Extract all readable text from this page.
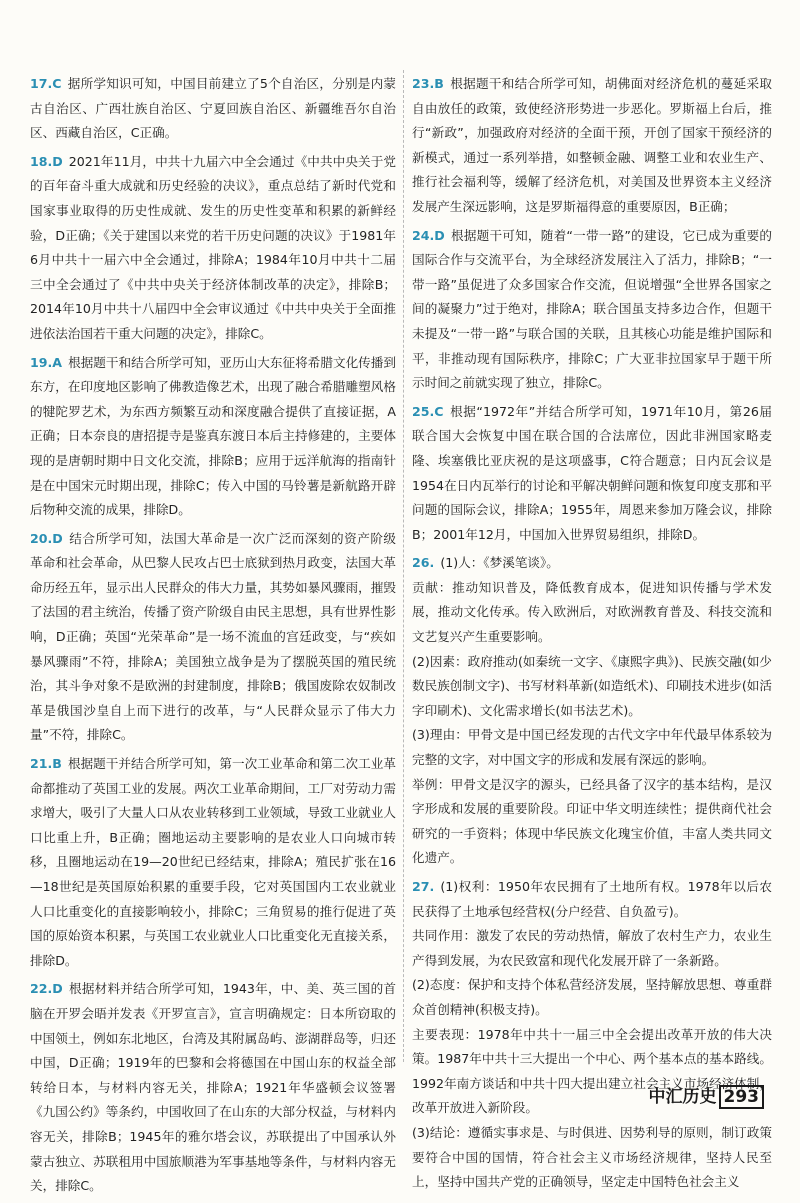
17.C 据所学知识可知，中国目前建立了5个自治区，分别是内蒙古自治区、广西壮族自治区、宁夏回族自治区、新疆维吾尔自治区、西藏自治区，C正确。

18.D 2021年11月，中共十九届六中全会通过《中共中央关于党的百年奋斗重大成就和历史经验的决议》，重点总结了新时代党和国家事业取得的历史性成就、发生的历史性变革和积累的新鲜经验，D正确；《关于建国以来党的若干历史问题的决议》于1981年6月中共十一届六中全会通过，排除A；1984年10月中共十二届三中全会通过了《中共中央关于经济体制改革的决定》，排除B；2014年10月中共十八届四中全会审议通过《中共中央关于全面推进依法治国若干重大问题的决定》，排除C。

19.A 根据题干和结合所学可知，亚历山大东征将希腊文化传播到东方，在印度地区影响了佛教造像艺术，出现了融合希腊雕塑风格的犍陀罗艺术，为东西方频繁互动和深度融合提供了直接证据，A正确；日本奈良的唐招提寺是鉴真东渡日本后主持修建的，主要体现的是唐朝时期中日文化交流，排除B；应用于远洋航海的指南针是在中国宋元时期出现，排除C；传入中国的马铃薯是新航路开辟后物种交流的成果，排除D。

20.D 结合所学可知，法国大革命是一次广泛而深刻的资产阶级革命和社会革命，从巴黎人民攻占巴士底狱到热月政变，法国大革命历经五年，显示出人民群众的伟大力量，其势如暴风骤雨，摧毁了法国的君主统治，传播了资产阶级自由民主思想，具有世界性影响，D正确；英国“光荣革命”是一场不流血的宫廷政变，与“疾如暴风骤雨”不符，排除A；美国独立战争是为了摆脱英国的殖民统治，其斗争对象不是欧洲的封建制度，排除B；俄国废除农奴制改革是俄国沙皇自上而下进行的改革，与“人民群众显示了伟大力量”不符，排除C。

21.B 根据题干并结合所学可知，第一次工业革命和第二次工业革命都推动了英国工业的发展。两次工业革命期间，工厂对劳动力需求增大，吸引了大量人口从农业转移到工业领域，导致工业就业人口比重上升，B正确；圈地运动主要影响的是农业人口向城市转移，且圈地运动在19—20世纪已经结束，排除A；殖民扩张在16—18世纪是英国原始积累的重要手段，它对英国国内工农业就业人口比重变化的直接影响较小，排除C；三角贸易的推行促进了英国的原始资本积累，与英国工农业就业人口比重变化无直接关系，排除D。

22.D 根据材料并结合所学可知，1943年，中、美、英三国的首脑在开罗会晤并发表《开罗宣言》，宣言明确规定：日本所窃取的中国领土，例如东北地区，台湾及其附属岛屿、澎湖群岛等，归还中国，D正确；1919年的巴黎和会将德国在中国山东的权益全部转给日本，与材料内容无关，排除A；1921年华盛顿会议签署《九国公约》等条约，中国收回了在山东的大部分权益，与材料内容无关，排除B；1945年的雅尔塔会议，苏联提出了中国承认外蒙古独立、苏联租用中国旅顺港为军事基地等条件，与材料内容无关，排除C。

23.B 根据题干和结合所学可知，胡佛面对经济危机的蔓延采取自由放任的政策，致使经济形势进一步恶化。罗斯福上台后，推行“新政”，加强政府对经济的全面干预，开创了国家干预经济的新模式，通过一系列举措，如整顿金融、调整工业和农业生产、推行社会福利等，缓解了经济危机，对美国及世界资本主义经济发展产生深远影响，这是罗斯福得意的重要原因，B正确；

24.D 根据题干可知，随着“一带一路”的建设，它已成为重要的国际合作与交流平台，为全球经济发展注入了活力，排除B；“一带一路”虽促进了众多国家合作交流，但说增强“全世界各国家之间的凝聚力”过于绝对，排除A；联合国虽支持多边合作，但题干未提及“一带一路”与联合国的关联，且其核心功能是维护国际和平，非推动现有国际秩序，排除C；广大亚非拉国家早于题干所示时间之前就实现了独立，排除C。

25.C 根据“1972年”并结合所学可知，1971年10月，第26届联合国大会恢复中国在联合国的合法席位，因此非洲国家略麦隆、埃塞俄比亚庆祝的是这项盛事，C符合题意；日内瓦会议是1954在日内瓦举行的讨论和平解决朝鲜问题和恢复印度支那和平问题的国际会议，排除A；1955年，周恩来参加万隆会议，排除B；2001年12月，中国加入世界贸易组织，排除D。

26. (1)人：《梦溪笔谈》。

贡献：推动知识普及，降低教育成本，促进知识传播与学术发展，推动文化传承。传入欧洲后，对欧洲教育普及、科技交流和文艺复兴产生重要影响。

(2)因素：政府推动(如秦统一文字、《康熙字典》)、民族交融(如少数民族创制文字)、书写材料革新(如造纸术)、印刷技术进步(如活字印刷术)、文化需求增长(如书法艺术)。

(3)理由：甲骨文是中国已经发现的古代文字中年代最早体系较为完整的文字，对中国文字的形成和发展有深远的影响。

举例：甲骨文是汉字的源头，已经具备了汉字的基本结构，是汉字形成和发展的重要阶段。印证中华文明连续性；提供商代社会研究的一手资料；体现中华民族文化瑰宝价值，丰富人类共同文化遗产。

27. (1)权利：1950年农民拥有了土地所有权。1978年以后农民获得了土地承包经营权(分户经营、自负盈亏)。

共同作用：激发了农民的劳动热情，解放了农村生产力，农业生产得到发展，为农民致富和现代化发展开辟了一条新路。

(2)态度：保护和支持个体私营经济发展，坚持解放思想、尊重群众首创精神(积极支持)。

主要表现：1978年中共十一届三中全会提出改革开放的伟大决策。1987年中共十三大提出一个中心、两个基本点的基本路线。1992年南方谈话和中共十四大提出建立社会主义市场经济体制，改革开放进入新阶段。

(3)结论：遵循实事求是、与时俱进、因势利导的原则，制订政策要符合中国的国情，符合社会主义市场经济规律，坚持人民至上，坚持中国共产党的正确领导，坚定走中国特色社会主义

中汇历史 293
